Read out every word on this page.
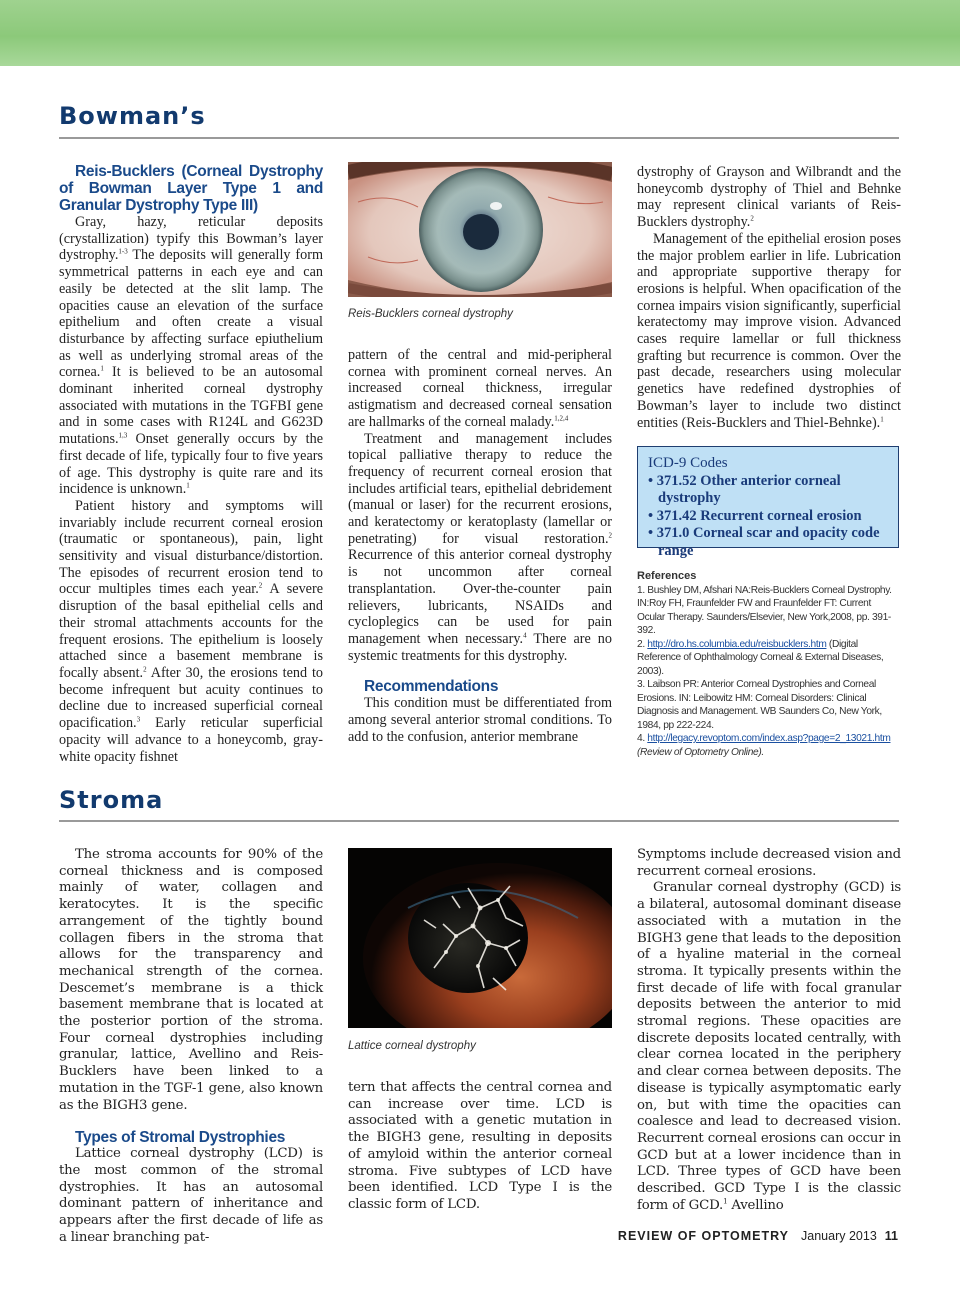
Bowman’s

Reis-Bucklers (Corneal Dystrophy of Bowman Layer Type 1 and Granular Dystrophy Type III)

Gray, hazy, reticular deposits (crystallization) typify this Bowman’s layer dystrophy.$^{1-3}$ The deposits will generally form symmetrical patterns in each eye and can easily be detected at the slit lamp. The opacities cause an elevation of the surface epithelium and often create a visual disturbance by affecting surface epiuthelium as well as underlying stromal areas of the cornea.$^1$ It is believed to be an autosomal dominant inherited corneal dystrophy associated with mutations in the TGFBI gene and in some cases with R124L and G623D mutations.$^{1,3}$ Onset generally occurs by the first decade of life, typically four to five years of age. This dystrophy is quite rare and its incidence is unknown.$^1$

Patient history and symptoms will invariably include recurrent corneal erosion (traumatic or spontaneous), pain, light sensitivity and visual disturbance/distortion. The episodes of recurrent erosion tend to occur multiples times each year.$^2$ A severe disruption of the basal epithelial cells and their stromal attachments accounts for the frequent erosions. The epithelium is loosely attached since a basement membrane is focally absent.$^2$ After 30, the erosions tend to become infrequent but acuity continues to decline due to increased superficial corneal opacification.$^3$ Early reticular superficial opacity will advance to a honeycomb, gray-white opacity fishnet

Reis-Bucklers corneal dystrophy

pattern of the central and mid-peripheral cornea with prominent corneal nerves. An increased corneal thickness, irregular astigmatism and decreased corneal sensation are hallmarks of the corneal malady.$^{1,2,4}$

Treatment and management includes topical palliative therapy to reduce the frequency of recurrent corneal erosion that includes artificial tears, epithelial debridement (manual or laser) for the recurrent erosions, and keratectomy or keratoplasty (lamellar or penetrating) for visual restoration.$^2$ Recurrence of this anterior corneal dystrophy is not uncommon after corneal transplantation. Over-the-counter pain relievers, lubricants, NSAIDs and cycloplegics can be used for pain management when necessary.$^4$ There are no systemic treatments for this dystrophy.

Recommendations

This condition must be differentiated from among several anterior stromal conditions. To add to the confusion, anterior membrane

dystrophy of Grayson and Wilbrandt and the honeycomb dystrophy of Thiel and Behnke may represent clinical variants of Reis-Bucklers dystrophy.$^2$

Management of the epithelial erosion poses the major problem earlier in life. Lubrication and appropriate supportive therapy for erosions is helpful. When opacification of the cornea impairs vision significantly, superficial keratectomy may improve vision. Advanced cases require lamellar or full thickness grafting but recurrence is common. Over the past decade, researchers using molecular genetics have redefined dystrophies of Bowman’s layer to include two distinct entities (Reis-Bucklers and Thiel-Behnke).$^1$

ICD-9 Codes

• 371.52 Other anterior corneal dystrophy

• 371.42 Recurrent corneal erosion

• 371.0 Corneal scar and opacity code range

References

1. Bushley DM, Afshari NA:Reis-Bucklers Corneal Dystrophy. IN:Roy FH, Fraunfelder FW and Fraunfelder FT: Current Ocular Therapy. Saunders/Elsevier, New York,2008, pp. 391-392.

2. http://dro.hs.columbia.edu/reisbucklers.htm (Digital Reference of Ophthalmology Corneal & External Diseases, 2003).

3. Laibson PR: Anterior Corneal Dystrophies and Corneal Erosions. IN: Leibowitz HM: Corneal Disorders: Clinical Diagnosis and Management. WB Saunders Co, New York, 1984, pp 222-224.

4. http://legacy.revoptom.com/index.asp?page=2_13021.htm
(Review of Optometry Online).

Stroma

The stroma accounts for 90% of the corneal thickness and is composed mainly of water, collagen and keratocytes. It is the specific arrangement of the tightly bound collagen fibers in the stroma that allows for the transparency and mechanical strength of the cornea. Descemet’s membrane is a thick basement membrane that is located at the posterior portion of the stroma. Four corneal dystrophies including granular, lattice, Avellino and Reis-Bucklers have been linked to a mutation in the TGF-1 gene, also known as the BIGH3 gene.

Types of Stromal Dystrophies

Lattice corneal dystrophy (LCD) is the most common of the stromal dystrophies. It has an autosomal dominant pattern of inheritance and appears after the first decade of life as a linear branching pat-

Lattice corneal dystrophy

tern that affects the central cornea and can increase over time. LCD is associated with a genetic mutation in the BIGH3 gene, resulting in deposits of amyloid within the anterior corneal stroma. Five subtypes of LCD have been identified. LCD Type I is the classic form of LCD.

Symptoms include decreased vision and recurrent corneal erosions.

Granular corneal dystrophy (GCD) is a bilateral, autosomal dominant disease associated with a mutation in the BIGH3 gene that leads to the deposition of a hyaline material in the corneal stroma. It typically presents within the first decade of life with focal granular deposits between the anterior to mid stromal regions. These opacities are discrete deposits located centrally, with clear cornea located in the periphery and clear cornea between deposits. The disease is typically asymptomatic early on, but with time the opacities can coalesce and lead to decreased vision. Recurrent corneal erosions can occur in GCD but at a lower incidence than in LCD. Three types of GCD have been described. GCD Type I is the classic form of GCD.$^1$ Avellino

REVIEW OF OPTOMETRY January 2013 11
